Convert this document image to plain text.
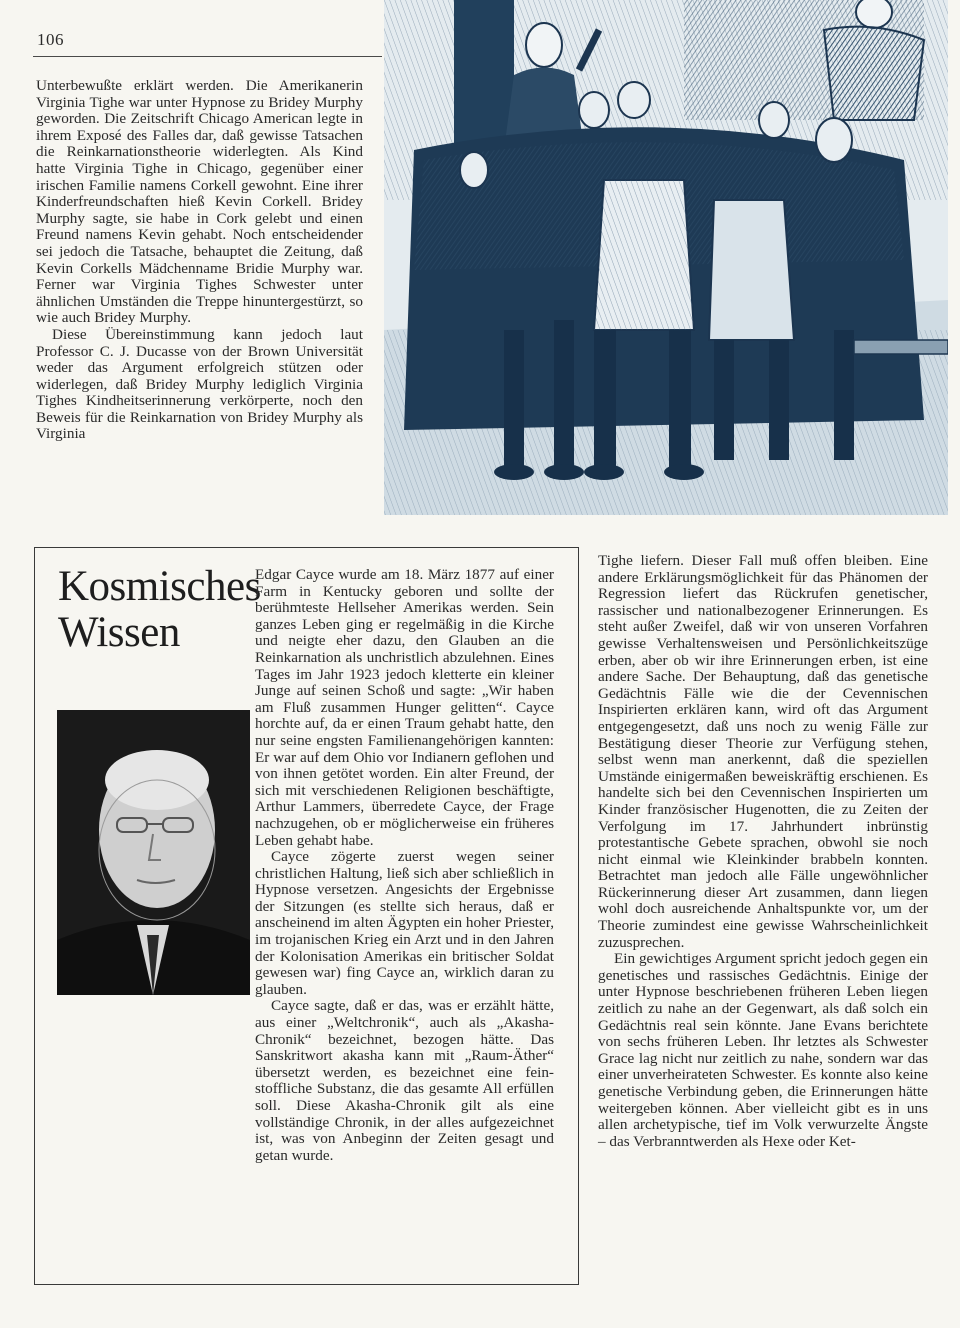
106

Unterbewußte erklärt werden. Die Amerikanerin Virginia Tighe war unter Hypnose zu Bridey Murphy geworden. Die Zeitschrift Chicago American legte in ihrem Exposé des Falles dar, daß gewisse Tatsachen die Reinkarnationstheorie widerlegten. Als Kind hatte Virginia Tighe in Chicago, gegenüber einer irischen Familie namens Corkell gewohnt. Eine ihrer Kinderfreundschaften hieß Kevin Corkell. Bridey Murphy sagte, sie habe in Cork gelebt und einen Freund namens Kevin gehabt. Noch entscheidender sei jedoch die Tatsache, behauptet die Zeitung, daß Kevin Corkells Mädchenname Bridie Murphy war. Ferner war Virginia Tighes Schwester unter ähnlichen Umständen die Treppe hinuntergestürzt, so wie auch Bridey Murphy.

Diese Übereinstimmung kann jedoch laut Professor C. J. Ducasse von der Brown Universität weder das Argument erfolgreich stützen oder widerlegen, daß Bridey Murphy lediglich Virginia Tighes Kindheitserinnerung verkörperte, noch den Beweis für die Reinkarnation von Bridey Murphy als Virginia

Kosmisches
Wissen

Edgar Cayce wurde am 18. März 1877 auf einer Farm in Kentucky geboren und sollte der berühmteste Hellseher Amerikas werden. Sein ganzes Leben ging er regelmäßig in die Kirche und neigte eher dazu, den Glauben an die Reinkarnation als unchristlich abzulehnen. Eines Tages im Jahr 1923 jedoch kletterte ein kleiner Junge auf seinen Schoß und sagte: „Wir haben am Fluß zusammen Hunger gelitten“. Cayce horchte auf, da er einen Traum gehabt hatte, den nur seine engsten Familienangehörigen kannten: Er war auf dem Ohio vor Indianern geflohen und von ihnen getötet worden. Ein alter Freund, der sich mit verschiedenen Religionen beschäftigte, Arthur Lammers, überredete Cayce, der Frage nachzugehen, ob er möglicherweise ein früheres Leben gehabt habe.

Cayce zögerte zuerst wegen seiner christlichen Haltung, ließ sich aber schließlich in Hypnose versetzen. Angesichts der Ergebnisse der Sitzungen (es stellte sich heraus, daß er anscheinend im alten Ägypten ein hoher Priester, im trojanischen Krieg ein Arzt und in den Jahren der Kolonisation Amerikas ein britischer Soldat gewesen war) fing Cayce an, wirklich daran zu glauben.

Cayce sagte, daß er das, was er erzählt hätte, aus einer „Weltchronik“, auch als „Akasha-Chronik“ bezeichnet, bezogen hätte. Das Sanskritwort akasha kann mit „Raum-Äther“ übersetzt werden, es bezeichnet eine fein-stoffliche Substanz, die das gesamte All erfüllen soll. Diese Akasha-Chronik gilt als eine vollständige Chronik, in der alles aufgezeichnet ist, was von Anbeginn der Zeiten gesagt und getan wurde.

Tighe liefern. Dieser Fall muß offen bleiben. Eine andere Erklärungsmöglichkeit für das Phänomen der Regression liefert das Rückrufen genetischer, rassischer und nationalbezogener Erinnerungen. Es steht außer Zweifel, daß wir von unseren Vorfahren gewisse Verhaltensweisen und Persönlichkeitszüge erben, aber ob wir ihre Erinnerungen erben, ist eine andere Sache. Der Behauptung, daß das genetische Gedächtnis Fälle wie die der Cevennischen Inspirierten erklären kann, wird oft das Argument entgegengesetzt, daß uns noch zu wenig Fälle zur Bestätigung dieser Theorie zur Verfügung stehen, selbst wenn man anerkennt, daß die speziellen Umstände einigermaßen beweiskräftig erschienen. Es handelte sich bei den Cevennischen Inspirierten um Kinder französischer Hugenotten, die zu Zeiten der Verfolgung im 17. Jahrhundert inbrünstig protestantische Gebete sprachen, obwohl sie noch nicht einmal wie Kleinkinder brabbeln konnten. Betrachtet man jedoch alle Fälle ungewöhnlicher Rückerinnerung dieser Art zusammen, dann liegen wohl doch ausreichende Anhaltspunkte vor, um der Theorie zumindest eine gewisse Wahrscheinlichkeit zuzusprechen.

Ein gewichtiges Argument spricht jedoch gegen ein genetisches und rassisches Gedächtnis. Einige der unter Hypnose beschriebenen früheren Leben liegen zeitlich zu nahe an der Gegenwart, als daß solch ein Gedächtnis real sein könnte. Jane Evans berichtete von sechs früheren Leben. Ihr letztes als Schwester Grace lag nicht nur zeitlich zu nahe, sondern war das einer unverheirateten Schwester. Es konnte also keine genetische Verbindung geben, die Erinnerungen hätte weitergeben können. Aber vielleicht gibt es in uns allen archetypische, tief im Volk verwurzelte Ängste – das Verbranntwerden als Hexe oder Ket-
